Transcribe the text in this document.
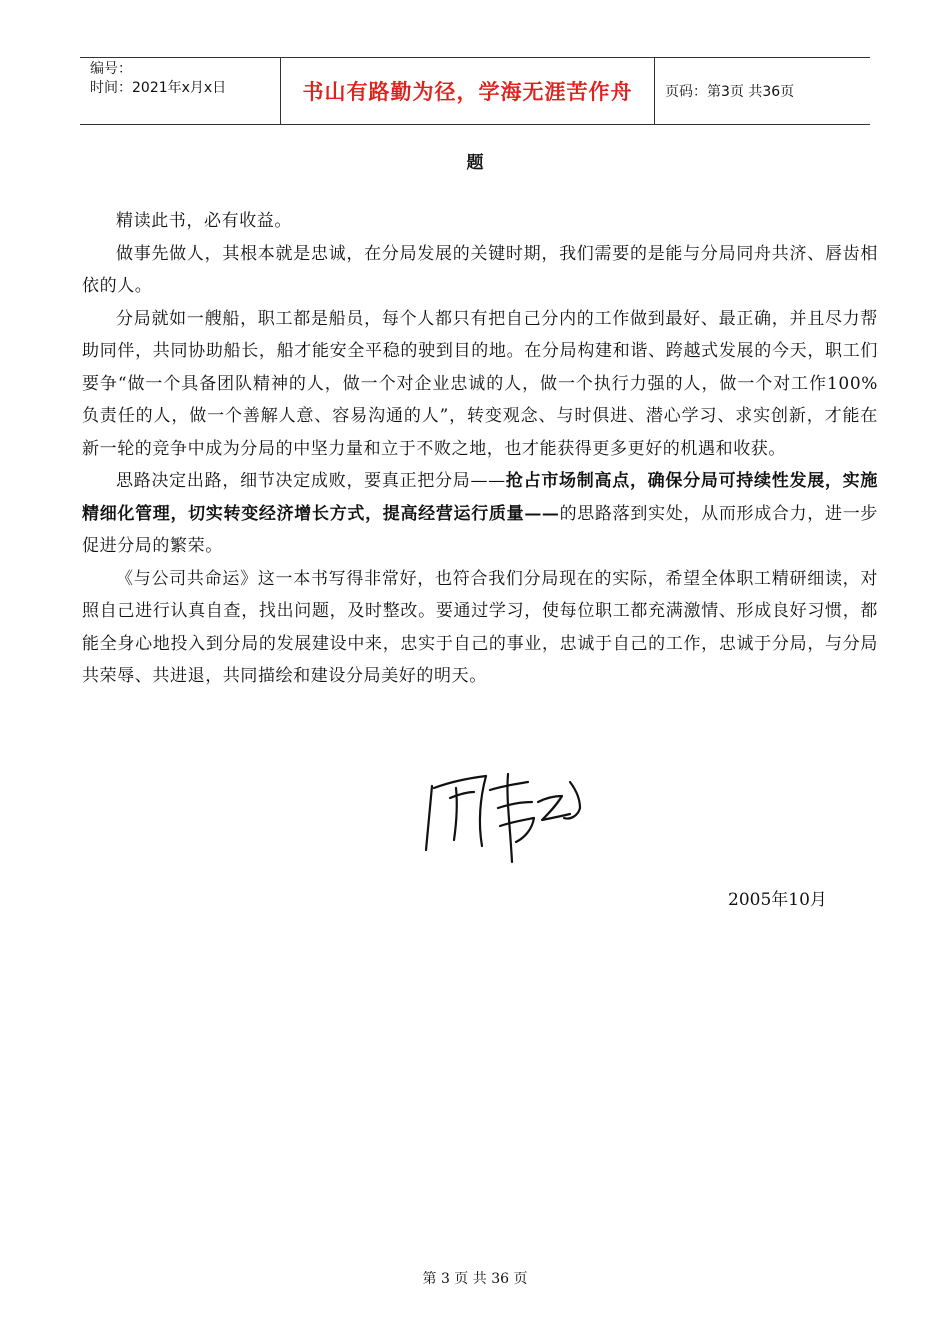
编号：
时间：2021年x月x日	书山有路勤为径，学海无涯苦作舟 页码：第3页 共36页
题

精读此书，必有收益。

做事先做人，其根本就是忠诚，在分局发展的关键时期，我们需要的是能与分局同舟共济、唇齿相依的人。

分局就如一艘船，职工都是船员，每个人都只有把自己分内的工作做到最好、最正确，并且尽力帮助同伴，共同协助船长，船才能安全平稳的驶到目的地。在分局构建和谐、跨越式发展的今天，职工们要争“做一个具备团队精神的人，做一个对企业忠诚的人，做一个执行力强的人，做一个对工作100%负责任的人，做一个善解人意、容易沟通的人”，转变观念、与时俱进、潜心学习、求实创新，才能在新一轮的竞争中成为分局的中坚力量和立于不败之地，也才能获得更多更好的机遇和收获。

思路决定出路，细节决定成败，要真正把分局——抢占市场制高点，确保分局可持续性发展，实施精细化管理，切实转变经济增长方式，提高经营运行质量——的思路落到实处，从而形成合力，进一步促进分局的繁荣。

《与公司共命运》这一本书写得非常好，也符合我们分局现在的实际，希望全体职工精研细读，对照自己进行认真自查，找出问题，及时整改。要通过学习，使每位职工都充满激情、形成良好习惯，都能全身心地投入到分局的发展建设中来，忠实于自己的事业，忠诚于自己的工作，忠诚于分局，与分局共荣辱、共进退，共同描绘和建设分局美好的明天。

2005年10月
第 3 页 共 36 页
